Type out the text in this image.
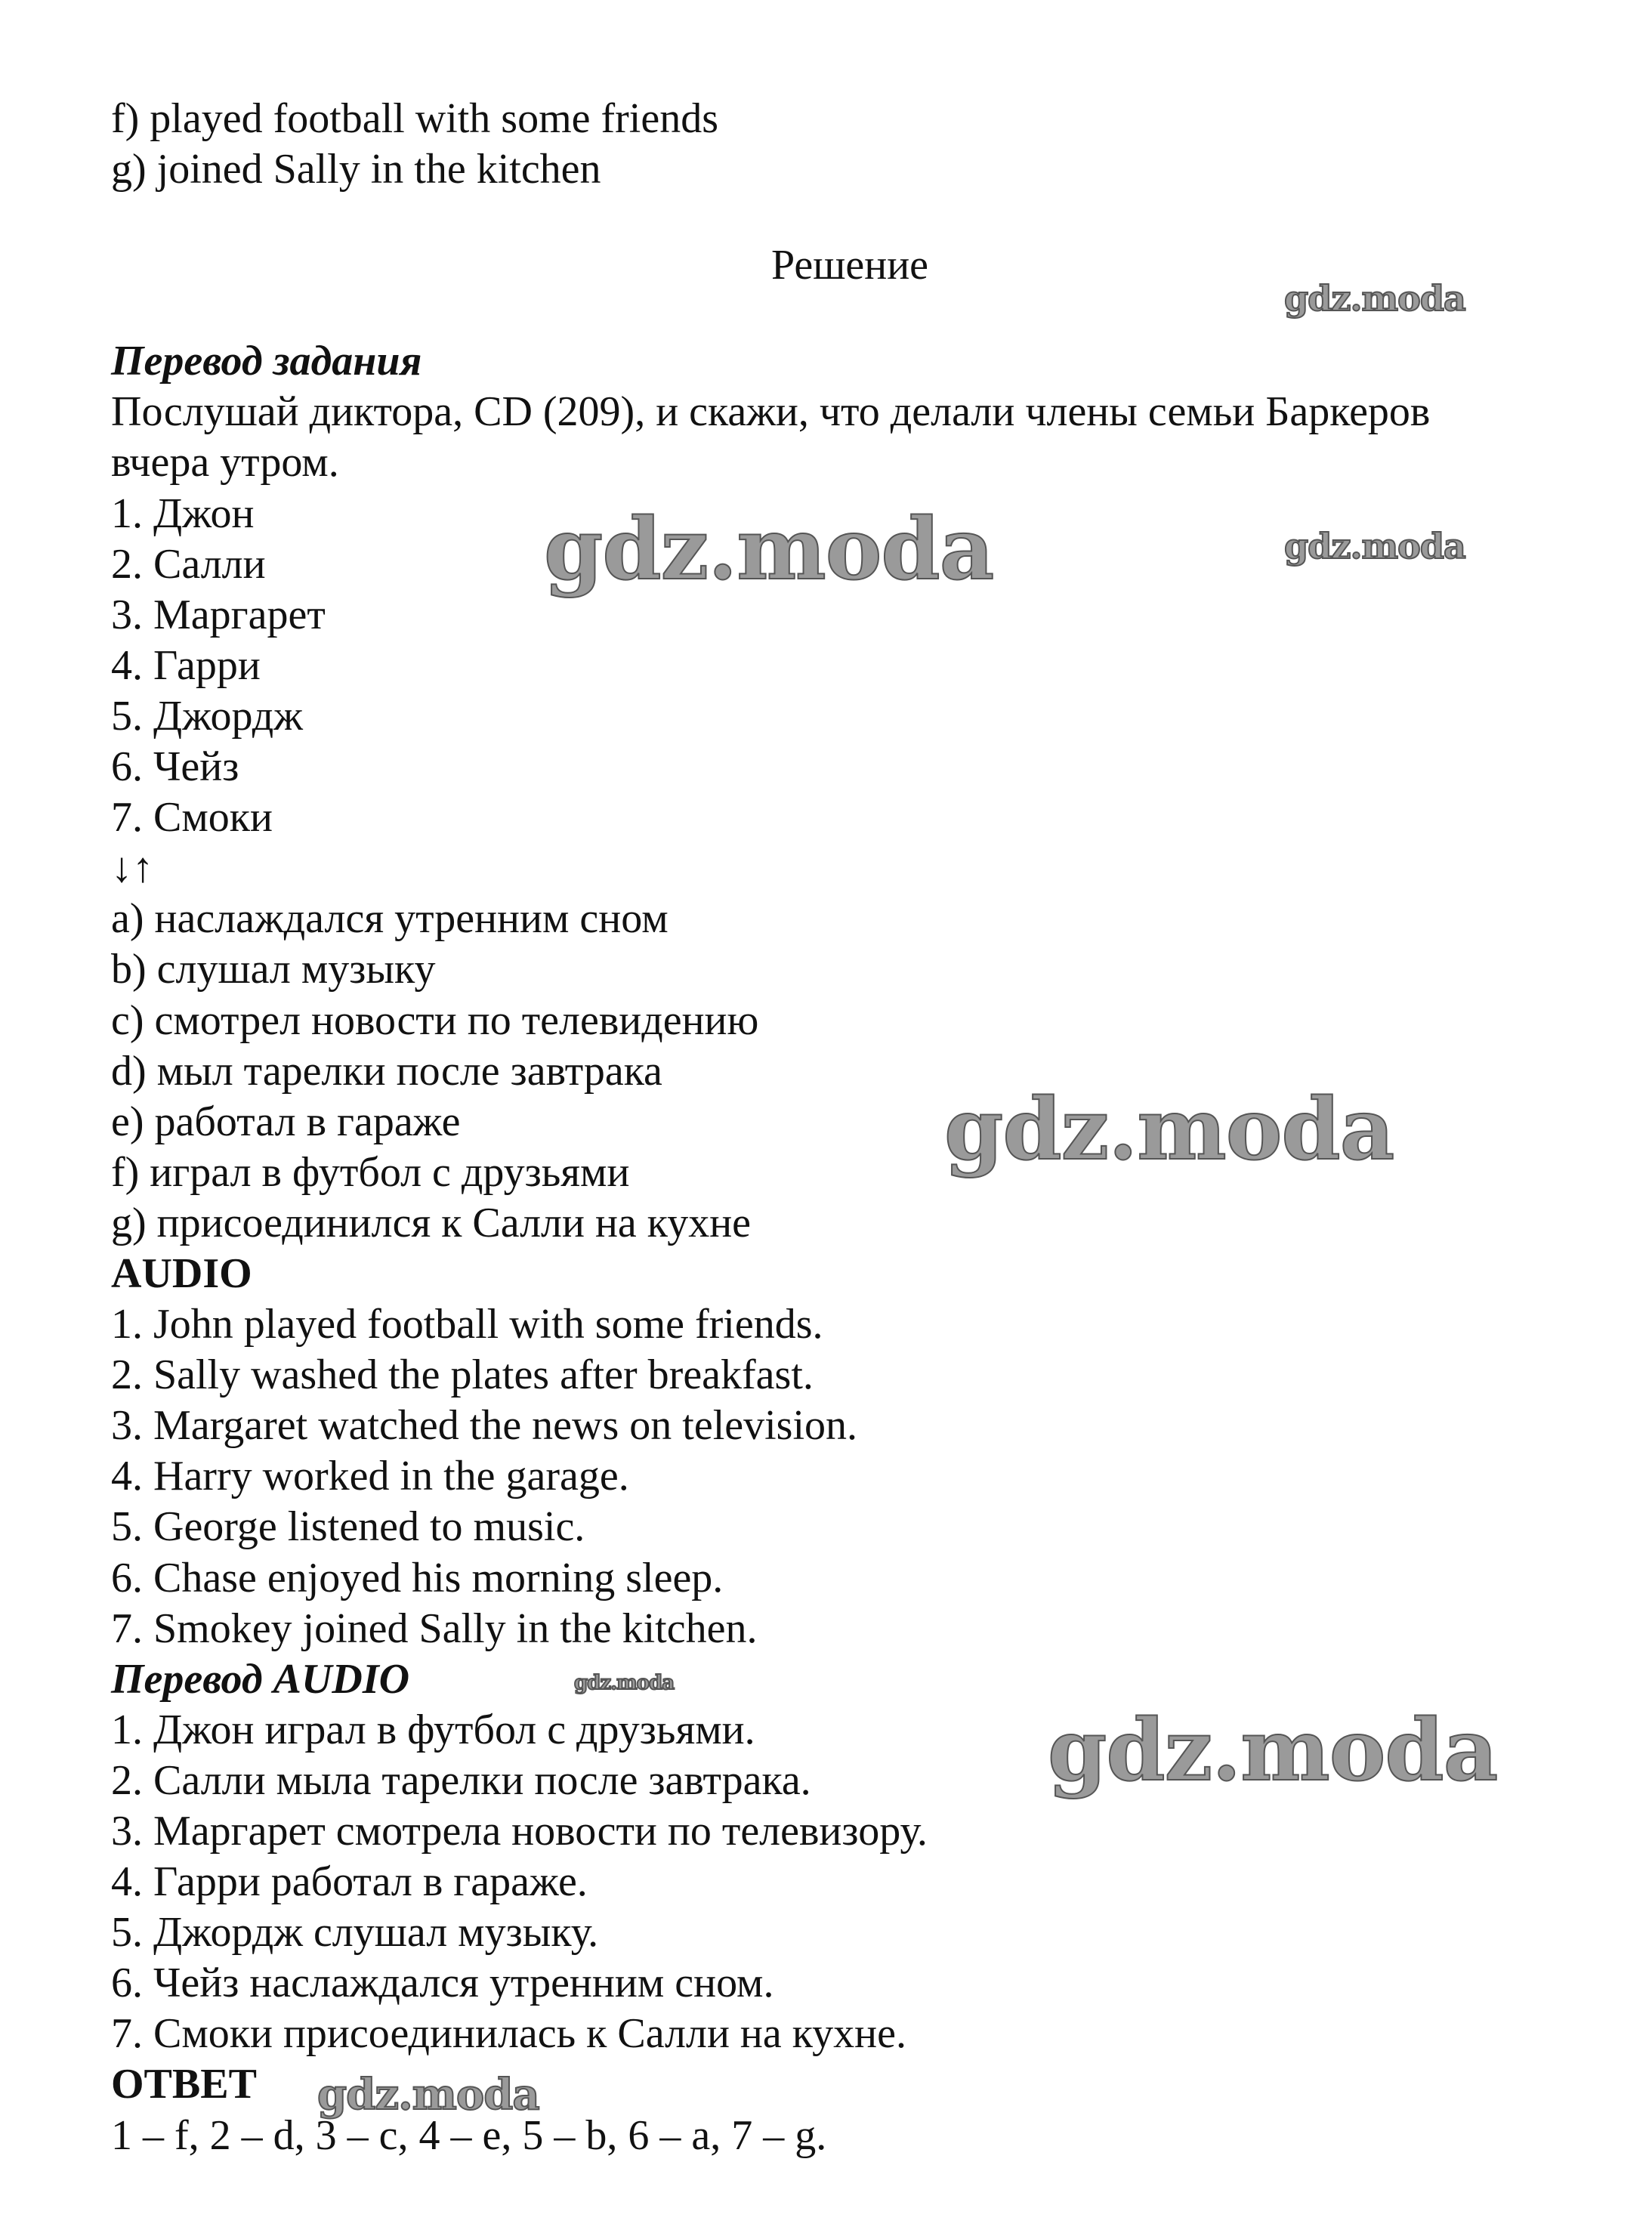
f) played football with some friends
g) joined Sally in the kitchen
Решение
Перевод задания
Послушай диктора, CD (209), и скажи, что делали члены семьи Баркеров
вчера утром.
1. Джон
2. Салли
3. Маргарет
4. Гарри
5. Джордж
6. Чейз
7. Смоки
↓↑
a) наслаждался утренним сном
b) слушал музыку
c) смотрел новости по телевидению
d) мыл тарелки после завтрака
e) работал в гараже
f) играл в футбол с друзьями
g) присоединился к Салли на кухне
AUDIO
1. John played football with some friends.
2. Sally washed the plates after breakfast.
3. Margaret watched the news on television.
4. Harry worked in the garage.
5. George listened to music.
6. Chase enjoyed his morning sleep.
7. Smokey joined Sally in the kitchen.
Перевод AUDIO
1. Джон играл в футбол с друзьями.
2. Салли мыла тарелки после завтрака.
3. Маргарет смотрела новости по телевизору.
4. Гарри работал в гараже.
5. Джордж слушал музыку.
6. Чейз наслаждался утренним сном.
7. Смоки присоединилась к Салли на кухне.
ОТВЕТ
1 – f, 2 – d, 3 – c, 4 – e, 5 – b, 6 – a, 7 – g.
gdz.moda
gdz.moda	gdz.moda
gdz.moda
gdz.moda
gdz.moda
gdz.moda
